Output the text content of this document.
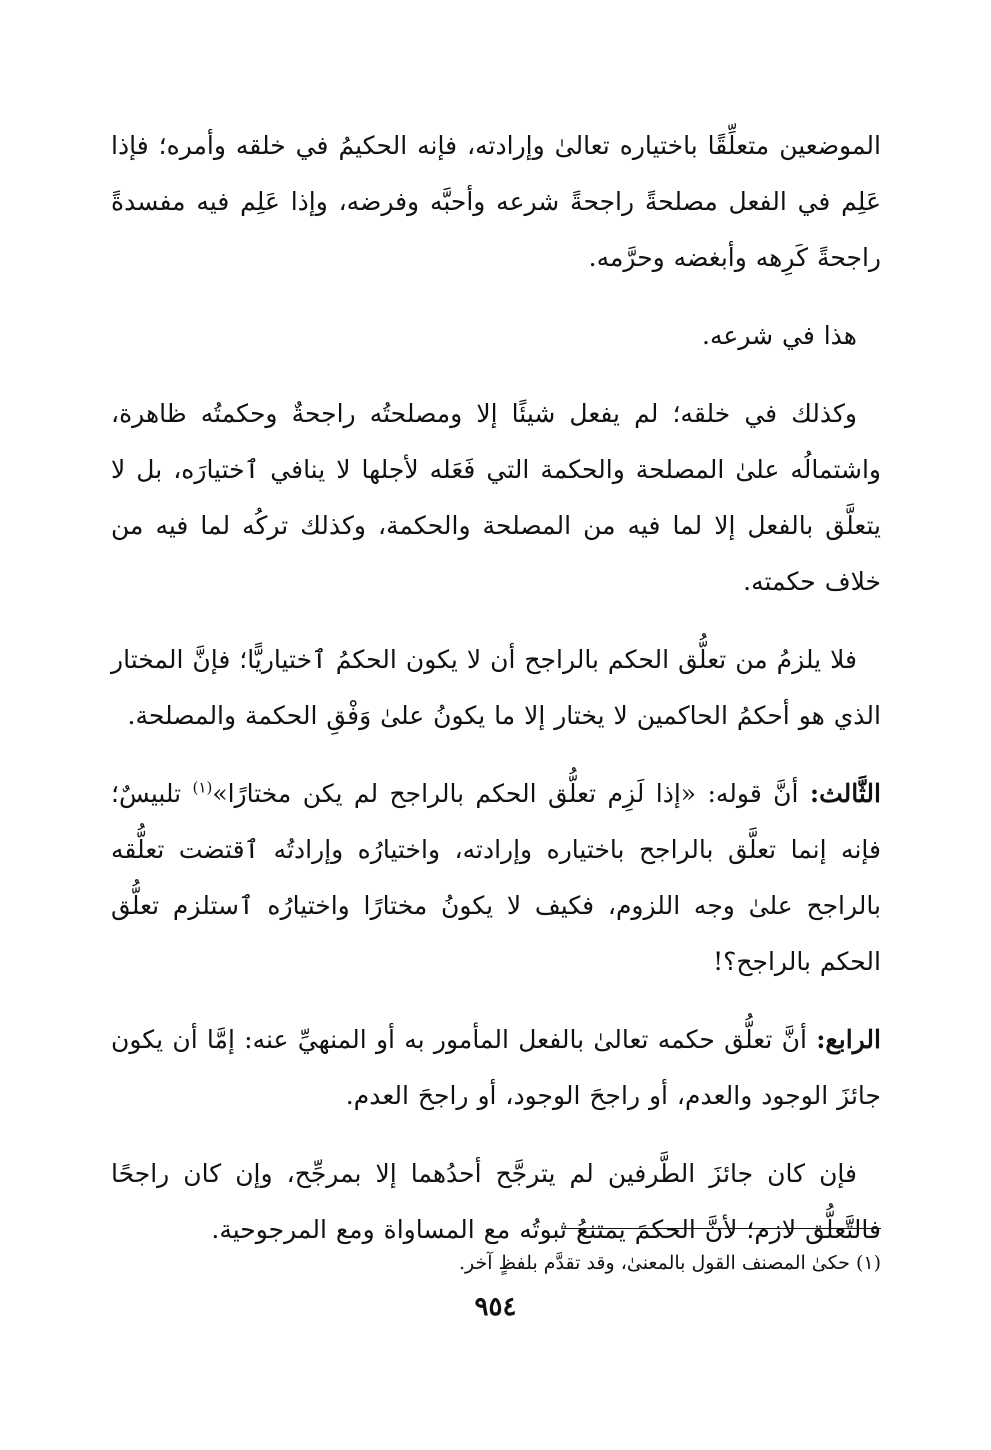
الموضعين متعلِّقًا باختياره تعالىٰ وإرادته، فإنه الحكيمُ في خلقه وأمره؛ فإذا عَلِم في الفعل مصلحةً راجحةً شرعه وأحبَّه وفرضه، وإذا عَلِم فيه مفسدةً راجحةً كَرِهه وأبغضه وحرَّمه.

هذا في شرعه.

وكذلك في خلقه؛ لم يفعل شيئًا إلا ومصلحتُه راجحةٌ وحكمتُه ظاهرة، واشتمالُه علىٰ المصلحة والحكمة التي فَعَله لأجلها لا ينافي ٱختيارَه، بل لا يتعلَّق بالفعل إلا لما فيه من المصلحة والحكمة، وكذلك تركُه لما فيه من خلاف حكمته.

فلا يلزمُ من تعلُّق الحكم بالراجح أن لا يكون الحكمُ ٱختياريًّا؛ فإنَّ المختار الذي هو أحكمُ الحاكمين لا يختار إلا ما يكونُ علىٰ وَفْقِ الحكمة والمصلحة.

الثَّالث: أنَّ قوله: «إذا لَزِم تعلُّق الحكم بالراجح لم يكن مختارًا»$^{(١)}$ تلبيسٌ؛ فإنه إنما تعلَّق بالراجح باختياره وإرادته، واختيارُه وإرادتُه ٱقتضت تعلُّقه بالراجح علىٰ وجه اللزوم، فكيف لا يكونُ مختارًا واختيارُه ٱستلزم تعلُّق الحكم بالراجح؟!

الرابع: أنَّ تعلُّق حكمه تعالىٰ بالفعل المأمور به أو المنهيِّ عنه: إمَّا أن يكون جائزَ الوجود والعدم، أو راجحَ الوجود، أو راجحَ العدم.

فإن كان جائزَ الطَّرفين لم يترجَّح أحدُهما إلا بمرجِّح، وإن كان راجحًا فالتَّعلُّق لازم؛ لأنَّ الحكمَ يمتنعُ ثبوتُه مع المساواة ومع المرجوحية.

(١) حكىٰ المصنف القول بالمعنىٰ، وقد تقدَّم بلفظٍ آخر.
٩٥٤
